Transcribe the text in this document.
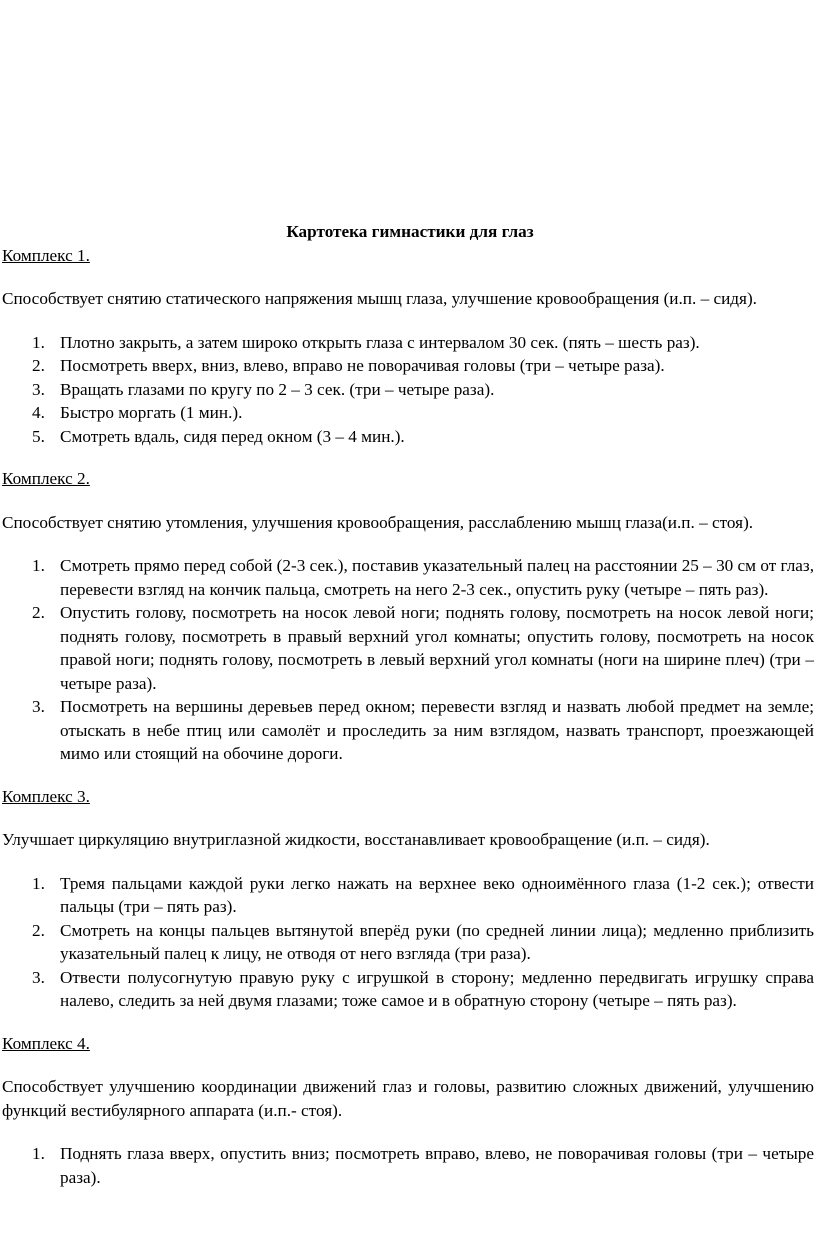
Картотека гимнастики для глаз

Комплекс 1.

Способствует снятию статического напряжения мышц глаза, улучшение кровообращения (и.п. – сидя).

1. Плотно закрыть, а затем широко открыть глаза с интервалом 30 сек. (пять – шесть раз).
2. Посмотреть вверх, вниз, влево, вправо не поворачивая головы (три – четыре раза).
3. Вращать глазами по кругу по 2 – 3 сек. (три – четыре раза).
4. Быстро моргать (1 мин.).
5. Смотреть вдаль, сидя перед окном (3 – 4 мин.).

Комплекс 2.

Способствует снятию утомления, улучшения кровообращения, расслаблению мышц глаза(и.п. – стоя).

1. Смотреть прямо перед собой (2-3 сек.), поставив указательный палец на расстоянии 25 – 30 см от глаз, перевести взгляд на кончик пальца, смотреть на него 2-3 сек., опустить руку (четыре – пять раз).
2. Опустить голову, посмотреть на носок левой ноги; поднять голову, посмотреть на носок левой ноги; поднять голову, посмотреть в правый верхний угол комнаты; опустить голову, посмотреть на носок правой ноги; поднять голову, посмотреть в левый верхний угол комнаты (ноги на ширине плеч) (три – четыре раза).
3. Посмотреть на вершины деревьев перед окном; перевести взгляд и назвать любой предмет на земле; отыскать в небе птиц или самолёт и проследить за ним взглядом, назвать транспорт, проезжающей мимо или стоящий на обочине дороги.

Комплекс 3.

Улучшает циркуляцию внутриглазной жидкости, восстанавливает кровообращение (и.п. – сидя).

1. Тремя пальцами каждой руки легко нажать на верхнее веко одноимённого глаза (1-2 сек.); отвести пальцы (три – пять раз).
2. Смотреть на концы пальцев вытянутой вперёд руки (по средней линии лица); медленно приблизить указательный палец к лицу, не отводя от него взгляда (три раза).
3. Отвести полусогнутую правую руку с игрушкой в сторону; медленно передвигать игрушку справа налево, следить за ней двумя глазами; тоже самое и в обратную сторону (четыре – пять раз).

Комплекс 4.

Способствует улучшению координации движений глаз и головы, развитию сложных движений, улучшению функций вестибулярного аппарата (и.п.- стоя).

1. Поднять глаза вверх, опустить вниз; посмотреть вправо, влево, не поворачивая головы (три – четыре раза).
